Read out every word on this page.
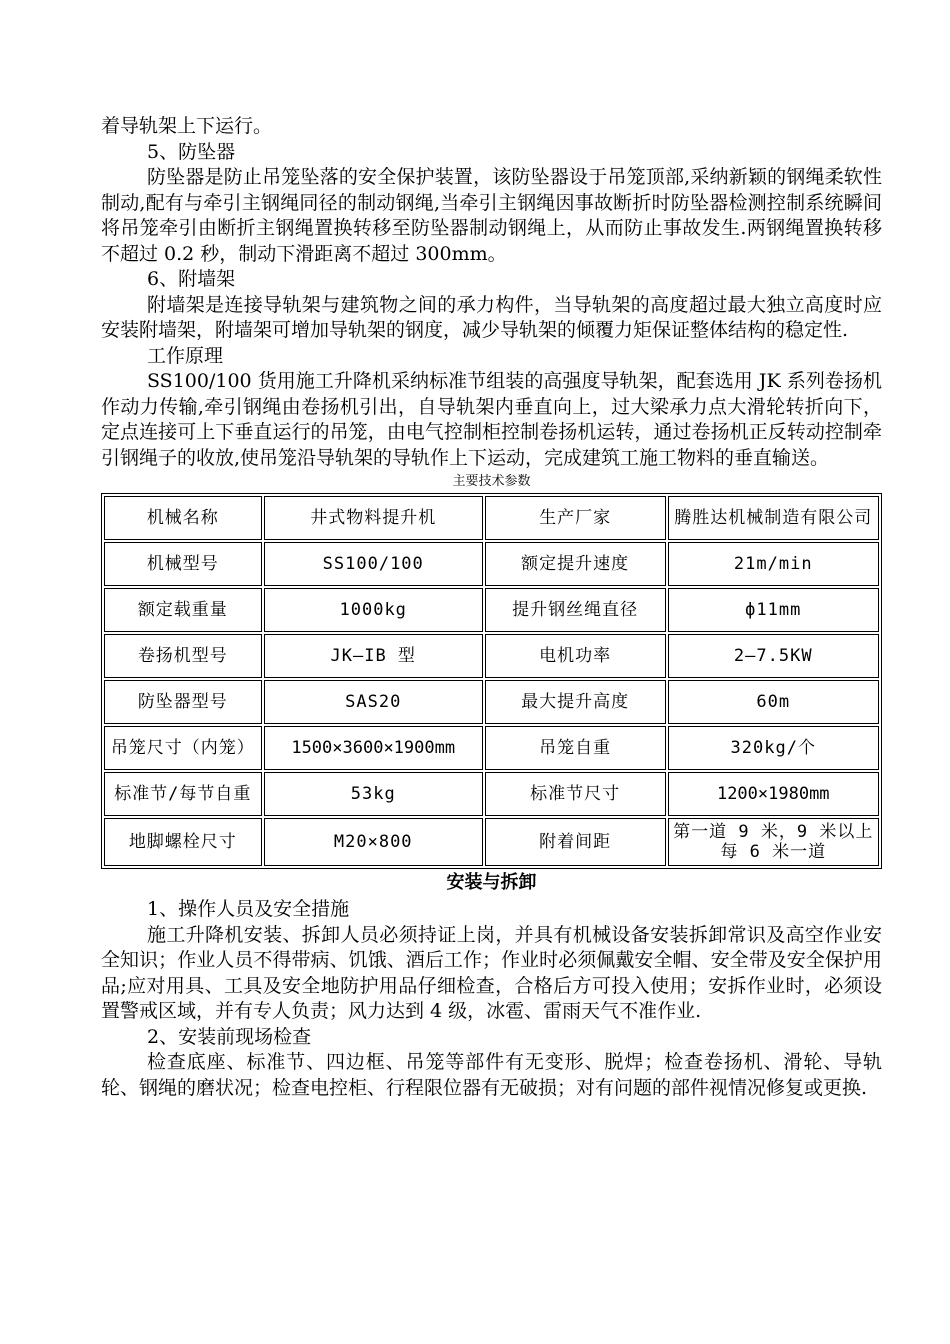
着导轨架上下运行。

5、防坠器

防坠器是防止吊笼坠落的安全保护装置，该防坠器设于吊笼顶部,采纳新颖的钢绳柔软性制动,配有与牵引主钢绳同径的制动钢绳,当牵引主钢绳因事故断折时防坠器检测控制系统瞬间将吊笼牵引由断折主钢绳置换转移至防坠器制动钢绳上，从而防止事故发生.两钢绳置换转移不超过 0.2 秒，制动下滑距离不超过 300mm。

6、附墙架

附墙架是连接导轨架与建筑物之间的承力构件，当导轨架的高度超过最大独立高度时应安装附墙架，附墙架可增加导轨架的钢度，减少导轨架的倾覆力矩保证整体结构的稳定性.

工作原理

SS100/100 货用施工升降机采纳标准节组装的高强度导轨架，配套选用 JK 系列卷扬机作动力传输,牵引钢绳由卷扬机引出，自导轨架内垂直向上，过大梁承力点大滑轮转折向下，定点连接可上下垂直运行的吊笼，由电气控制柜控制卷扬机运转，通过卷扬机正反转动控制牵引钢绳子的收放,使吊笼沿导轨架的导轨作上下运动，完成建筑工施工物料的垂直输送。

主要技术参数

机械名称	井式物料提升机	生产厂家	腾胜达机械制造有限公司
机械型号	SS100/100	额定提升速度	21m/min
额定载重量	1000kg	提升钢丝绳直径	ф11mm
卷扬机型号	JK—IB 型	电机功率	2—7.5KW
防坠器型号	SAS20	最大提升高度	60m
吊笼尺寸（内笼）	1500×3600×1900mm	吊笼自重	320kg/个
标准节/每节自重	53kg	标准节尺寸	1200×1980mm
地脚螺栓尺寸	M20×800	附着间距	第一道 9 米，9 米以上每 6 米一道

安装与拆卸

1、操作人员及安全措施

施工升降机安装、拆卸人员必须持证上岗，并具有机械设备安装拆卸常识及高空作业安全知识；作业人员不得带病、饥饿、酒后工作；作业时必须佩戴安全帽、安全带及安全保护用品;应对用具、工具及安全地防护用品仔细检查，合格后方可投入使用；安拆作业时，必须设置警戒区域，并有专人负责；风力达到 4 级，冰雹、雷雨天气不准作业.

2、安装前现场检查

检查底座、标准节、四边框、吊笼等部件有无变形、脱焊；检查卷扬机、滑轮、导轨轮、钢绳的磨状况；检查电控柜、行程限位器有无破损；对有问题的部件视情况修复或更换.
